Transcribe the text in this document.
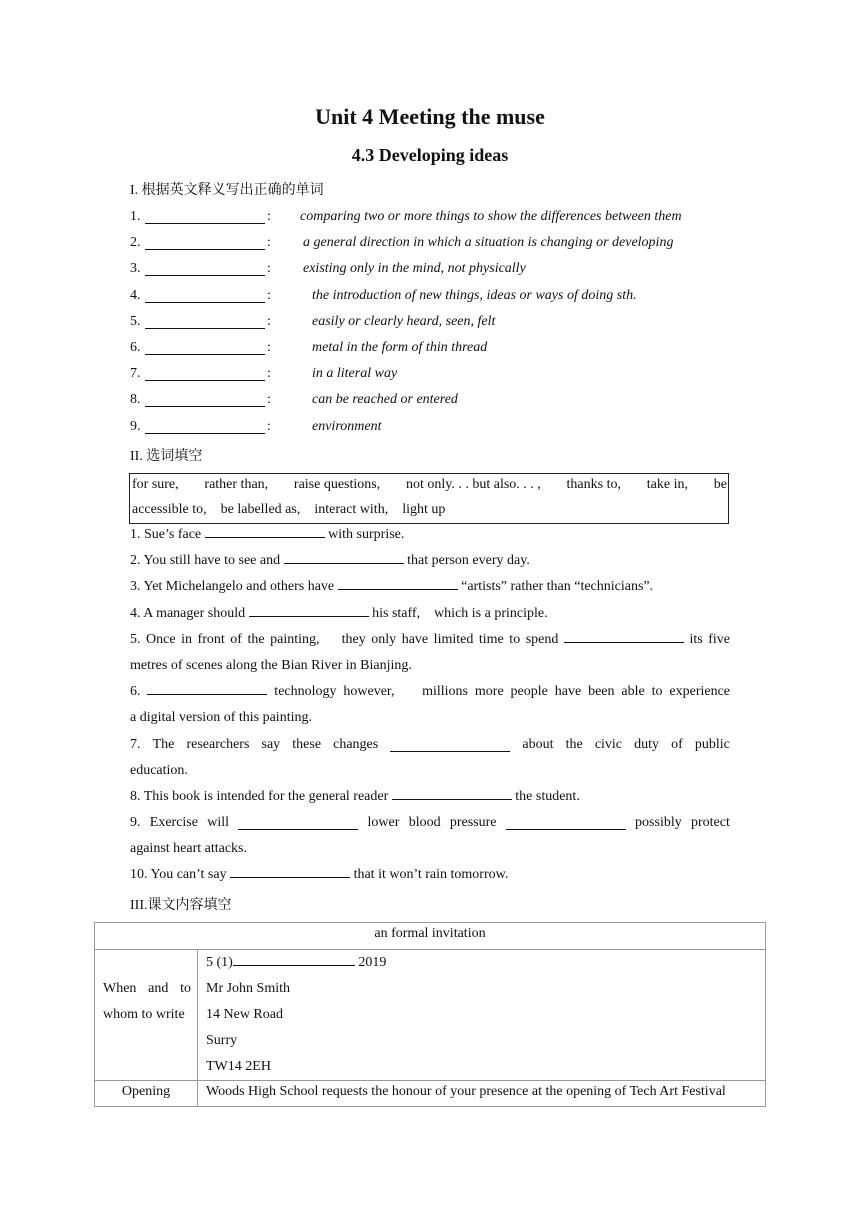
Unit 4 Meeting the muse
4.3 Developing ideas
I. 根据英文释义写出正确的单词
1.	: comparing two or more things to show the differences between them
2.	: a general direction in which a situation is changing or developing
3.	: existing only in the mind, not physically
4.	:	the introduction of new things, ideas or ways of doing sth.
5.	:	easily or clearly heard, seen, felt
6.	:	metal in the form of thin thread
7.	:	in a literal way
8.	:	can be reached or entered
9.	:	environment
II. 选词填空
for sure, rather than, raise questions, not only. . . but also. . . , thanks to, take in, be
accessible to, be labelled as, interact with, light up
1. Sue’s face	with surprise.
2. You still have to see and	that person every day.
3. Yet Michelangelo and others have	“artists” rather than “technicians”.
4. A manager should	his staff,    which is a principle.
5. Once in front of the painting,    they only have limited time to spend	its five
metres of scenes along the Bian River in Bianjing.
6.	technology however,    millions more people have been able to experience
a digital version of this painting.
7. The researchers say these changes	about the civic duty of public
education.
8. This book is intended for the general reader	the student.
9. Exercise will	lower blood pressure	possibly protect
against heart attacks.
10. You can’t say	that it won’t rain tomorrow.
III.课文内容填空
an formal invitation	
When and to whom to write	5 (1) 2019
Mr John Smith
14 New Road
Surry
TW14 2EH

Opening	Woods High School requests the honour of your presence at the opening of Tech Art Festival
